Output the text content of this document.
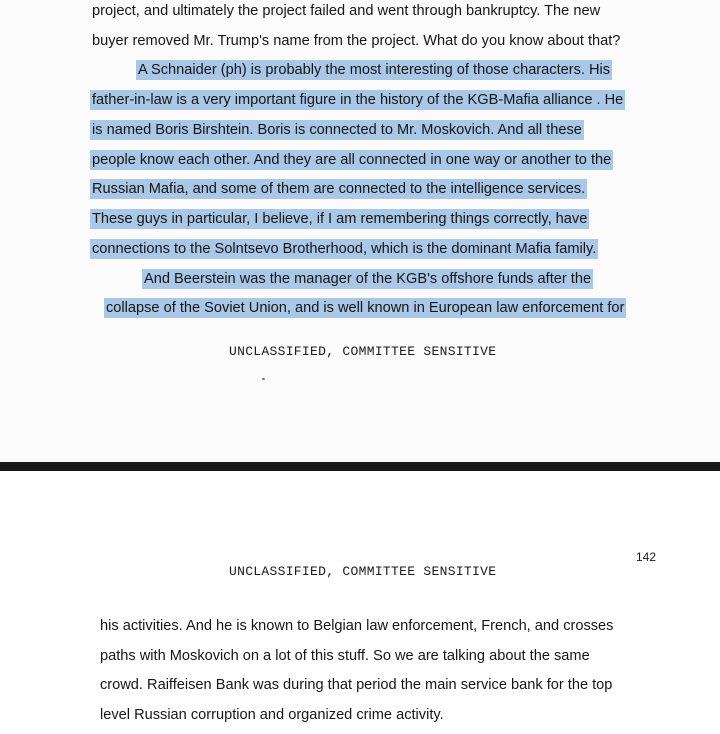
project, and ultimately the project failed and went through bankruptcy. The new
buyer removed Mr. Trump's name from the project. What do you know about that?
A Schnaider (ph) is probably the most interesting of those characters. His
father-in-law is a very important figure in the history of the KGB-Mafia alliance . He
is named Boris Birshtein. Boris is connected to Mr. Moskovich. And all these
people know each other. And they are all connected in one way or another to the
Russian Mafia, and some of them are connected to the intelligence services.
These guys in particular, I believe, if I am remembering things correctly, have
connections to the Solntsevo Brotherhood, which is the dominant Mafia family.
And Beerstein was the manager of the KGB's offshore funds after the
collapse of the Soviet Union, and is well known in European law enforcement for
UNCLASSIFIED, COMMITTEE SENSITIVE
142
UNCLASSIFIED, COMMITTEE SENSITIVE
his activities. And he is known to Belgian law enforcement, French, and crosses
paths with Moskovich on a lot of this stuff. So we are talking about the same
crowd. Raiffeisen Bank was during that period the main service bank for the top
level Russian corruption and organized crime activity.
